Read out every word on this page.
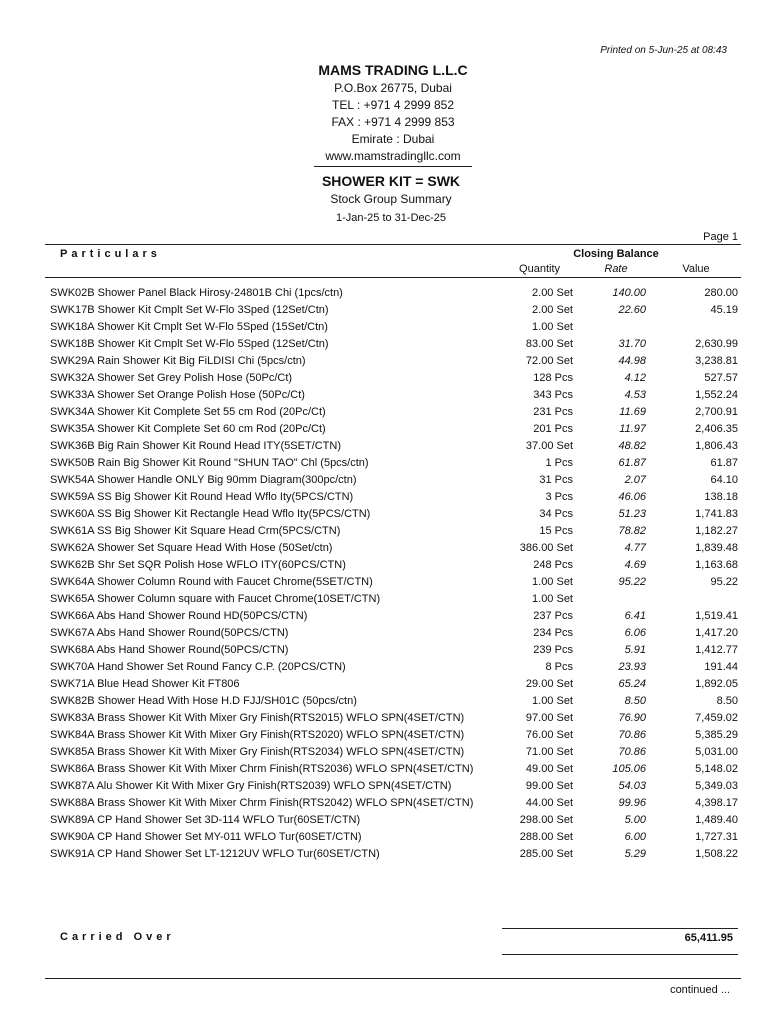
Printed on 5-Jun-25 at 08:43
MAMS TRADING L.L.C
P.O.Box 26775, Dubai
TEL : +971 4 2999 852
FAX : +971 4 2999 853
Emirate : Dubai
www.mamstradingllc.com
SHOWER KIT = SWK
Stock Group Summary
1-Jan-25 to 31-Dec-25
Page 1
Particulars	Closing Balance
Quantity	Rate	Value
SWK02B Shower Panel Black Hirosy-24801B Chi (1pcs/ctn)	2.00 Set	140.00	280.00
SWK17B Shower Kit Cmplt Set W-Flo 3Sped (12Set/Ctn)	2.00 Set	22.60	45.19
SWK18A Shower Kit Cmplt Set W-Flo 5Sped (15Set/Ctn)	1.00 Set
SWK18B Shower Kit Cmplt Set W-Flo 5Sped (12Set/Ctn)	83.00 Set	31.70	2,630.99
SWK29A Rain Shower Kit Big FiLDISI Chi (5pcs/ctn)	72.00 Set	44.98	3,238.81
SWK32A Shower Set Grey Polish Hose (50Pc/Ct)	128 Pcs	4.12	527.57
SWK33A Shower Set Orange Polish Hose (50Pc/Ct)	343 Pcs	4.53	1,552.24
SWK34A Shower Kit Complete Set 55 cm Rod (20Pc/Ct)	231 Pcs	11.69	2,700.91
SWK35A Shower Kit Complete Set 60 cm Rod (20Pc/Ct)	201 Pcs	11.97	2,406.35
SWK36B Big Rain Shower Kit Round Head ITY(5SET/CTN)	37.00 Set	48.82	1,806.43
SWK50B Rain Big Shower Kit Round "SHUN TAO" Chl (5pcs/ctn)	1 Pcs	61.87	61.87
SWK54A Shower Handle ONLY Big 90mm Diagram(300pc/ctn)	31 Pcs	2.07	64.10
SWK59A SS Big Shower Kit Round Head Wflo Ity(5PCS/CTN)	3 Pcs	46.06	138.18
SWK60A SS Big Shower Kit Rectangle Head Wflo Ity(5PCS/CTN)	34 Pcs	51.23	1,741.83
SWK61A SS Big Shower Kit Square Head Crm(5PCS/CTN)	15 Pcs	78.82	1,182.27
SWK62A Shower Set Square Head With Hose (50Set/ctn)	386.00 Set	4.77	1,839.48
SWK62B Shr Set SQR Polish Hose WFLO ITY(60PCS/CTN)	248 Pcs	4.69	1,163.68
SWK64A Shower Column Round with Faucet Chrome(5SET/CTN)	1.00 Set	95.22	95.22
SWK65A Shower Column square with Faucet Chrome(10SET/CTN)	1.00 Set
SWK66A Abs Hand Shower Round HD(50PCS/CTN)	237 Pcs	6.41	1,519.41
SWK67A Abs Hand Shower Round(50PCS/CTN)	234 Pcs	6.06	1,417.20
SWK68A Abs Hand Shower Round(50PCS/CTN)	239 Pcs	5.91	1,412.77
SWK70A Hand Shower Set Round Fancy C.P. (20PCS/CTN)	8 Pcs	23.93	191.44
SWK71A Blue Head Shower Kit FT806	29.00 Set	65.24	1,892.05
SWK82B Shower Head With Hose H.D FJJ/SH01C (50pcs/ctn)	1.00 Set	8.50	8.50
SWK83A Brass Shower Kit With Mixer Gry Finish(RTS2015) WFLO SPN(4SET/CTN)	97.00 Set	76.90	7,459.02
SWK84A Brass Shower Kit With Mixer Gry Finish(RTS2020) WFLO SPN(4SET/CTN)	76.00 Set	70.86	5,385.29
SWK85A Brass Shower Kit With Mixer Gry Finish(RTS2034) WFLO SPN(4SET/CTN)	71.00 Set	70.86	5,031.00
SWK86A Brass Shower Kit With Mixer Chrm Finish(RTS2036) WFLO SPN(4SET/CTN)	49.00 Set	105.06	5,148.02
SWK87A Alu Shower Kit With Mixer Gry Finish(RTS2039) WFLO SPN(4SET/CTN)	99.00 Set	54.03	5,349.03
SWK88A Brass Shower Kit With Mixer Chrm Finish(RTS2042) WFLO SPN(4SET/CTN)	44.00 Set	99.96	4,398.17
SWK89A CP Hand Shower Set 3D-114 WFLO Tur(60SET/CTN)	298.00 Set	5.00	1,489.40
SWK90A CP Hand Shower Set MY-011 WFLO Tur(60SET/CTN)	288.00 Set	6.00	1,727.31
SWK91A CP Hand Shower Set LT-1212UV WFLO Tur(60SET/CTN)	285.00 Set	5.29	1,508.22
Carried Over	65,411.95
continued ...
